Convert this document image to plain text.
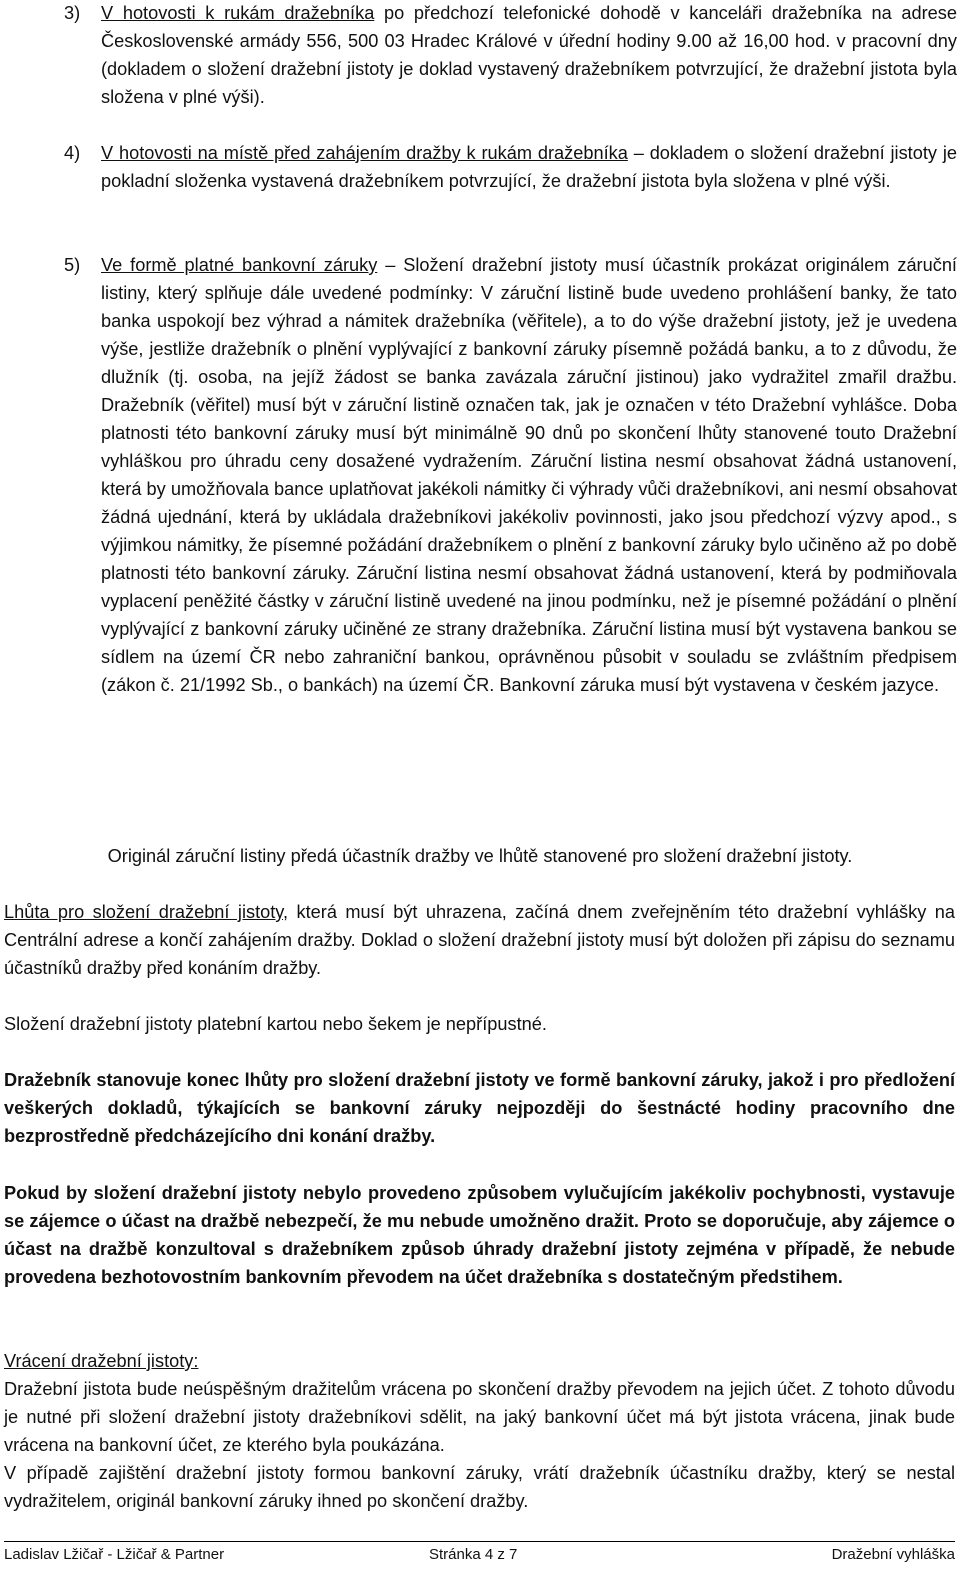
3) V hotovosti k rukám dražebníka po předchozí telefonické dohodě v kanceláři dražebníka na adrese Československé armády 556, 500 03 Hradec Králové v úřední hodiny 9.00 až 16,00 hod. v pracovní dny (dokladem o složení dražební jistoty je doklad vystavený dražebníkem potvrzující, že dražební jistota byla složena v plné výši).
4) V hotovosti na místě před zahájením dražby k rukám dražebníka – dokladem o složení dražební jistoty je pokladní složenka vystavená dražebníkem potvrzující, že dražební jistota byla složena v plné výši.
5) Ve formě platné bankovní záruky – Složení dražební jistoty musí účastník prokázat originálem záruční listiny, který splňuje dále uvedené podmínky: V záruční listině bude uvedeno prohlášení banky, že tato banka uspokojí bez výhrad a námitek dražebníka (věřitele), a to do výše dražební jistoty, jež je uvedena výše, jestliže dražebník o plnění vyplývající z bankovní záruky písemně požádá banku, a to z důvodu, že dlužník (tj. osoba, na jejíž žádost se banka zavázala záruční jistinou) jako vydražitel zmařil dražbu. Dražebník (věřitel) musí být v záruční listině označen tak, jak je označen v této Dražební vyhlášce. Doba platnosti této bankovní záruky musí být minimálně 90 dnů po skončení lhůty stanovené touto Dražební vyhláškou pro úhradu ceny dosažené vydražením. Záruční listina nesmí obsahovat žádná ustanovení, která by umožňovala bance uplatňovat jakékoli námitky či výhrady vůči dražebníkovi, ani nesmí obsahovat žádná ujednání, která by ukládala dražebníkovi jakékoliv povinnosti, jako jsou předchozí výzvy apod., s výjimkou námitky, že písemné požádání dražebníkem o plnění z bankovní záruky bylo učiněno až po době platnosti této bankovní záruky. Záruční listina nesmí obsahovat žádná ustanovení, která by podmiňovala vyplacení peněžité částky v záruční listině uvedené na jinou podmínku, než je písemné požádání o plnění vyplývající z bankovní záruky učiněné ze strany dražebníka. Záruční listina musí být vystavena bankou se sídlem na území ČR nebo zahraniční bankou, oprávněnou působit v souladu se zvláštním předpisem (zákon č. 21/1992 Sb., o bankách) na území ČR. Bankovní záruka musí být vystavena v českém jazyce.
Originál záruční listiny předá účastník dražby ve lhůtě stanovené pro složení dražební jistoty.
Lhůta pro složení dražební jistoty, která musí být uhrazena, začíná dnem zveřejněním této dražební vyhlášky na Centrální adrese a končí zahájením dražby. Doklad o složení dražební jistoty musí být doložen při zápisu do seznamu účastníků dražby před konáním dražby.
Složení dražební jistoty platební kartou nebo šekem je nepřípustné.
Dražebník stanovuje konec lhůty pro složení dražební jistoty ve formě bankovní záruky, jakož i pro předložení veškerých dokladů, týkajících se bankovní záruky nejpozději do šestnácté hodiny pracovního dne bezprostředně předcházejícího dni konání dražby.
Pokud by složení dražební jistoty nebylo provedeno způsobem vylučujícím jakékoliv pochybnosti, vystavuje se zájemce o účast na dražbě nebezpečí, že mu nebude umožněno dražit. Proto se doporučuje, aby zájemce o účast na dražbě konzultoval s dražebníkem způsob úhrady dražební jistoty zejména v případě, že nebude provedena bezhotovostním bankovním převodem na účet dražebníka s dostatečným předstihem.
Vrácení dražební jistoty:
Dražební jistota bude neúspěšným dražitelům vrácena po skončení dražby převodem na jejich účet. Z tohoto důvodu je nutné při složení dražební jistoty dražebníkovi sdělit, na jaký bankovní účet má být jistota vrácena, jinak bude vrácena na bankovní účet, ze kterého byla poukázána.
V případě zajištění dražební jistoty formou bankovní záruky, vrátí dražebník účastníku dražby, který se nestal vydražitelem, originál bankovní záruky ihned po skončení dražby.
Ladislav Lžičař - Lžičař & Partner	Stránka 4 z 7	Dražební vyhláška
